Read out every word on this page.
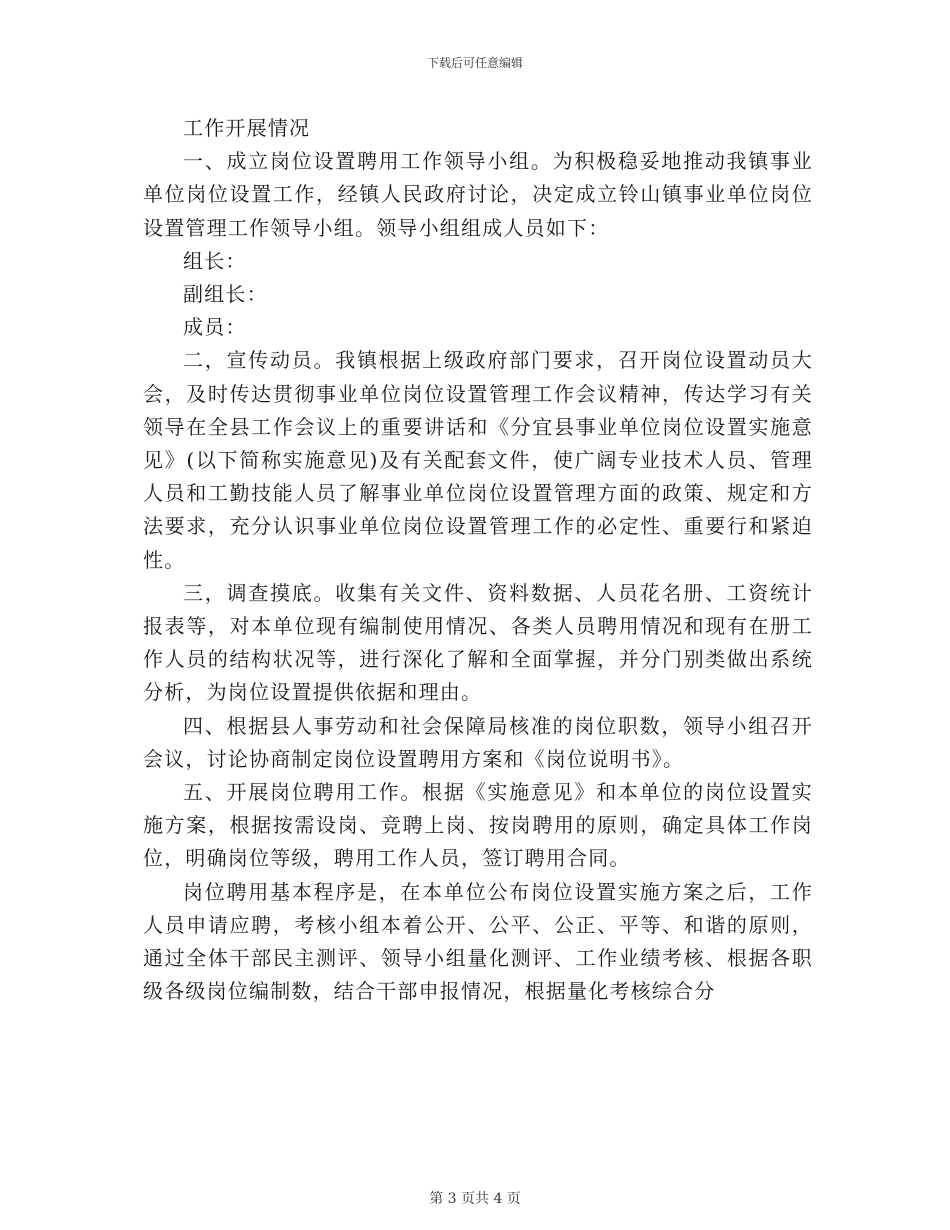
下载后可任意编辑

工作开展情况

一、成立岗位设置聘用工作领导小组。为积极稳妥地推动我镇事业单位岗位设置工作，经镇人民政府讨论，决定成立铃山镇事业单位岗位设置管理工作领导小组。领导小组组成人员如下：

组长：

副组长：

成员：

二，宣传动员。我镇根据上级政府部门要求，召开岗位设置动员大会，及时传达贯彻事业单位岗位设置管理工作会议精神，传达学习有关领导在全县工作会议上的重要讲话和《分宜县事业单位岗位设置实施意见》(以下简称实施意见)及有关配套文件，使广阔专业技术人员、管理人员和工勤技能人员了解事业单位岗位设置管理方面的政策、规定和方法要求，充分认识事业单位岗位设置管理工作的必定性、重要行和紧迫性。

三，调查摸底。收集有关文件、资料数据、人员花名册、工资统计报表等，对本单位现有编制使用情况、各类人员聘用情况和现有在册工作人员的结构状况等，进行深化了解和全面掌握，并分门别类做出系统分析，为岗位设置提供依据和理由。

四、根据县人事劳动和社会保障局核准的岗位职数，领导小组召开会议，讨论协商制定岗位设置聘用方案和《岗位说明书》。

五、开展岗位聘用工作。根据《实施意见》和本单位的岗位设置实施方案，根据按需设岗、竞聘上岗、按岗聘用的原则，确定具体工作岗位，明确岗位等级，聘用工作人员，签订聘用合同。

岗位聘用基本程序是，在本单位公布岗位设置实施方案之后，工作人员申请应聘，考核小组本着公开、公平、公正、平等、和谐的原则，通过全体干部民主测评、领导小组量化测评、工作业绩考核、根据各职级各级岗位编制数，结合干部申报情况，根据量化考核综合分

第 3 页共 4 页
